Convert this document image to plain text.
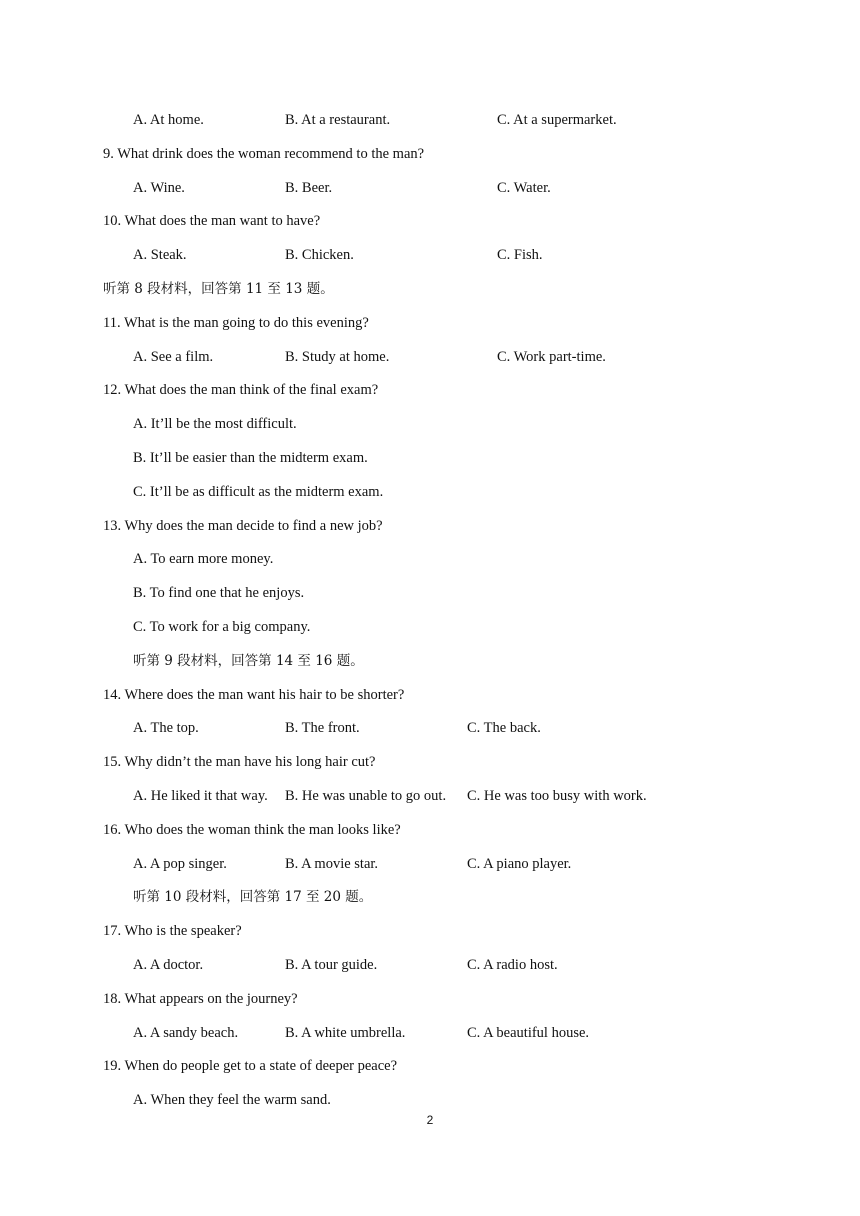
A. At home.	B. At a restaurant.	C. At a supermarket.
9. What drink does the woman recommend to the man?
A. Wine.	B. Beer.	C. Water.
10. What does the man want to have?
A. Steak.	B. Chicken.	C. Fish.
听第 8 段材料，回答第 11 至 13 题。
11. What is the man going to do this evening?
A. See a film.	B. Study at home.	C. Work part-time.
12. What does the man think of the final exam?
A. It’ll be the most difficult.
B. It’ll be easier than the midterm exam.
C. It’ll be as difficult as the midterm exam.
13. Why does the man decide to find a new job?
A. To earn more money.
B. To find one that he enjoys.
C. To work for a big company.
听第 9 段材料，回答第 14 至 16 题。
14. Where does the man want his hair to be shorter?
A. The top.	B. The front.	C. The back.
15. Why didn’t the man have his long hair cut?
A. He liked it that way. B. He was unable to go out. C. He was too busy with work.
16. Who does the woman think the man looks like?
A. A pop singer.	B. A movie star.	C. A piano player.
听第 10 段材料，回答第 17 至 20 题。
17. Who is the speaker?
A. A doctor.	B. A tour guide.	C. A radio host.
18. What appears on the journey?
A. A sandy beach.	B. A white umbrella.	C. A beautiful house.
19. When do people get to a state of deeper peace?
A. When they feel the warm sand.
2
